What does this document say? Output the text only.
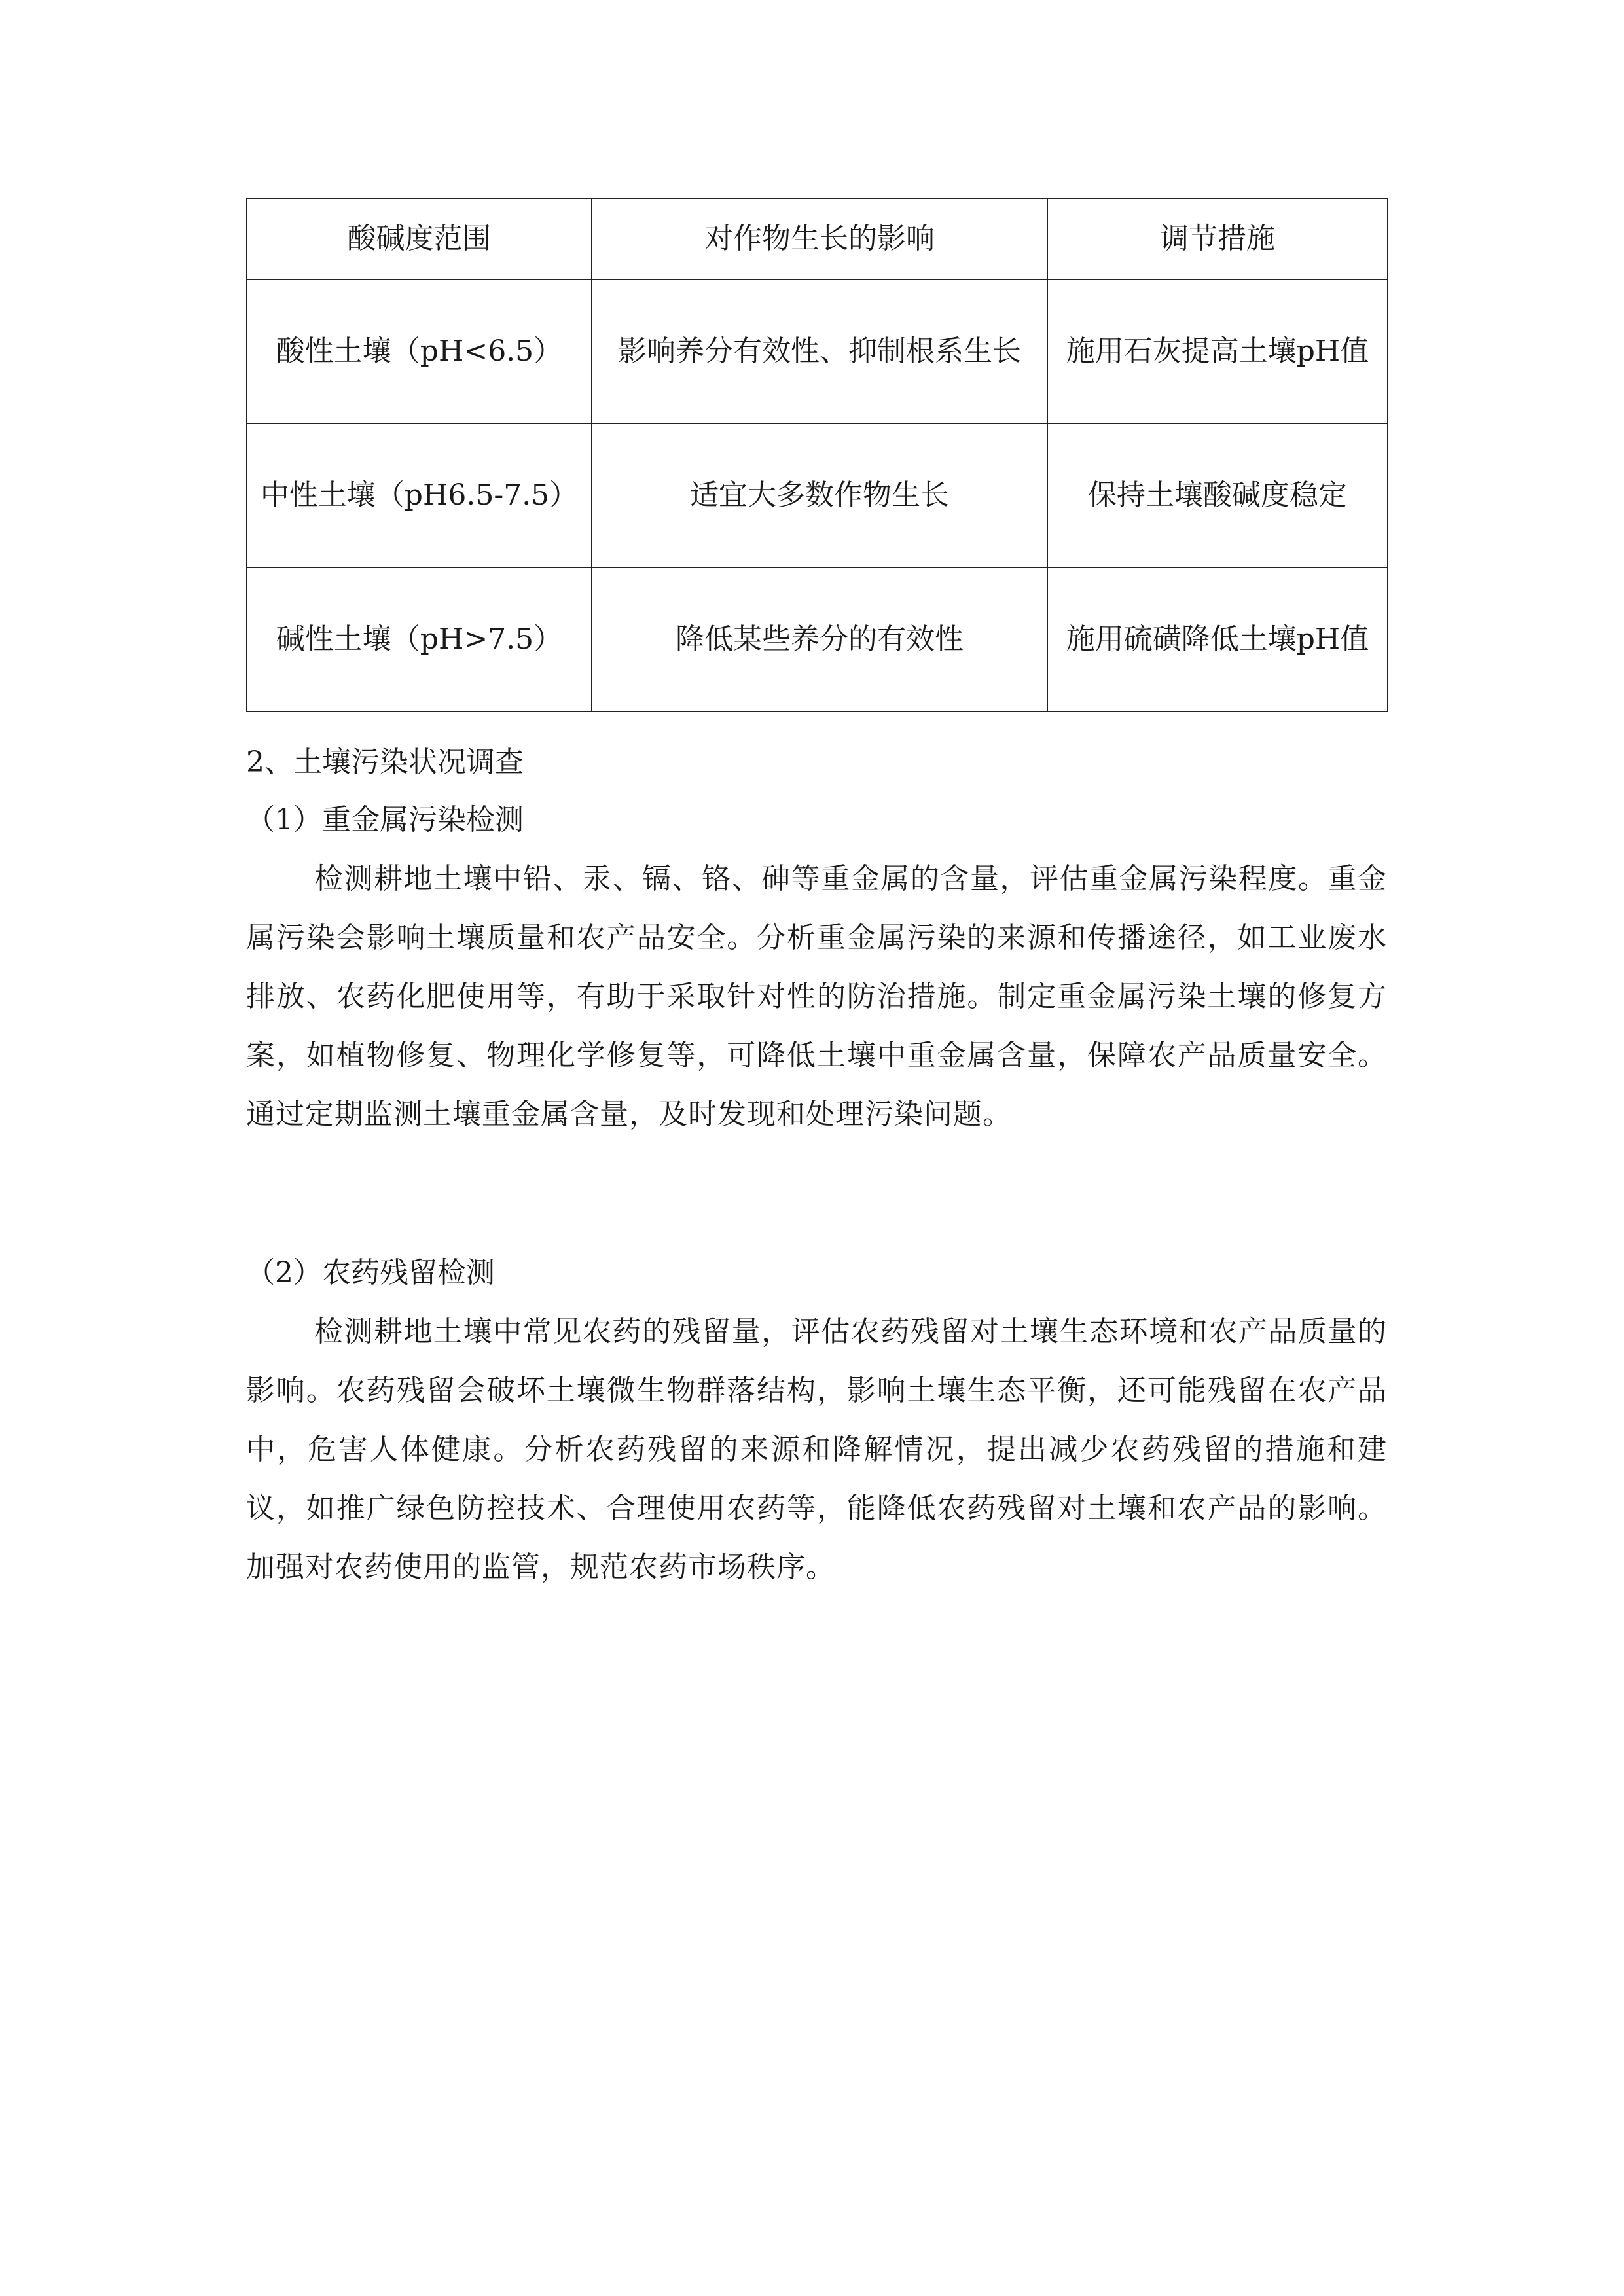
酸碱度范围	对作物生长的影响	调节措施
酸性土壤（pH<6.5）	影响养分有效性、抑制根系生长	施用石灰提高土壤pH值
中性土壤（pH6.5-7.5）	适宜大多数作物生长	保持土壤酸碱度稳定
碱性土壤（pH>7.5）	降低某些养分的有效性	施用硫磺降低土壤pH值
2、土壤污染状况调查
（1）重金属污染检测
检测耕地土壤中铅、汞、镉、铬、砷等重金属的含量，评估重金属污染程度。重金属污染会影响土壤质量和农产品安全。分析重金属污染的来源和传播途径，如工业废水排放、农药化肥使用等，有助于采取针对性的防治措施。制定重金属污染土壤的修复方案，如植物修复、物理化学修复等，可降低土壤中重金属含量，保障农产品质量安全。通过定期监测土壤重金属含量，及时发现和处理污染问题。
（2）农药残留检测
检测耕地土壤中常见农药的残留量，评估农药残留对土壤生态环境和农产品质量的影响。农药残留会破坏土壤微生物群落结构，影响土壤生态平衡，还可能残留在农产品中，危害人体健康。分析农药残留的来源和降解情况，提出减少农药残留的措施和建议，如推广绿色防控技术、合理使用农药等，能降低农药残留对土壤和农产品的影响。加强对农药使用的监管，规范农药市场秩序。
